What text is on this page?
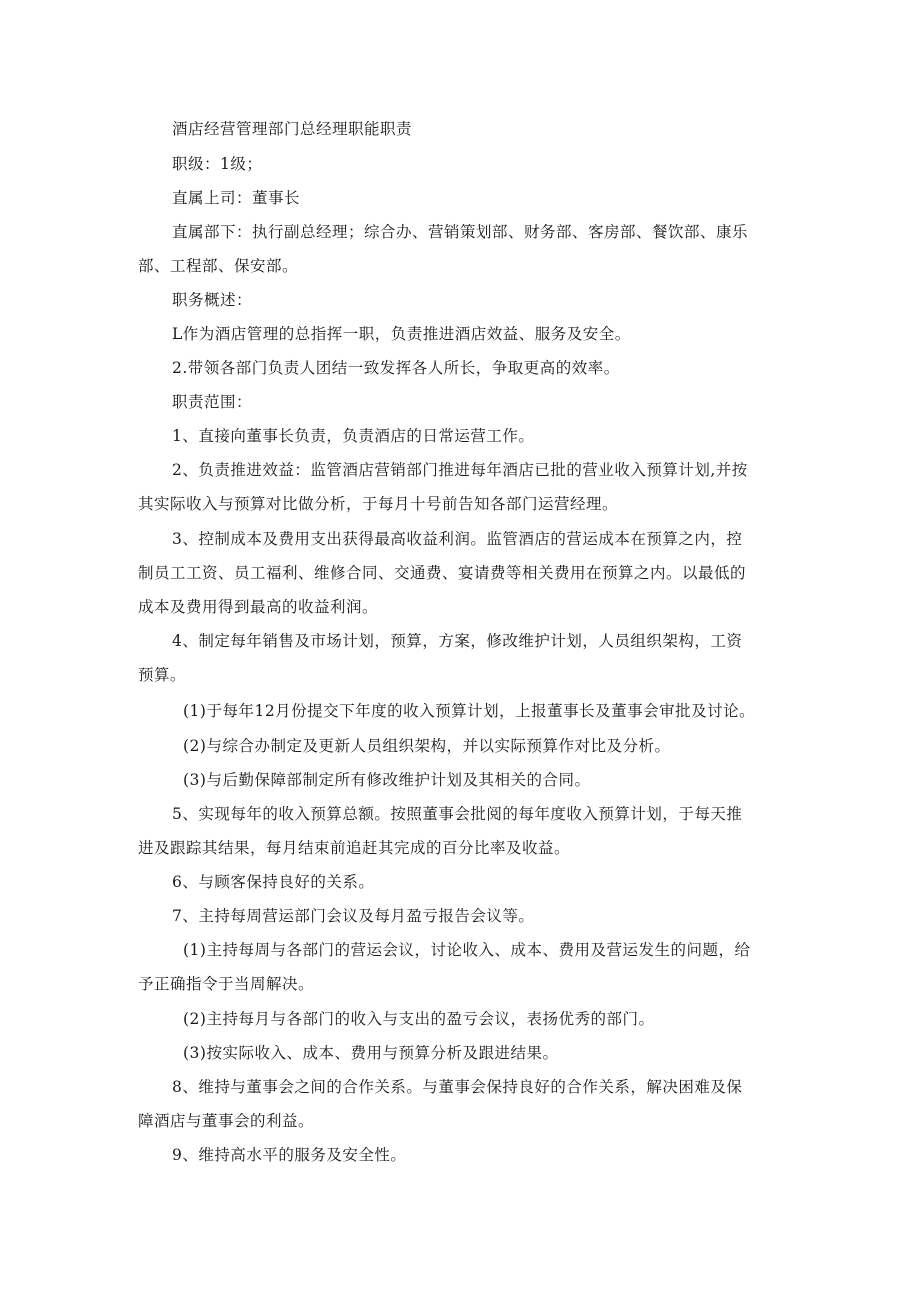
酒店经营管理部门总经理职能职责

职级：1级；

直属上司：董事长

直属部下：执行副总经理；综合办、营销策划部、财务部、客房部、餐饮部、康乐

部、工程部、保安部。

职务概述：

L作为酒店管理的总指挥一职，负责推进酒店效益、服务及安全。

2.带领各部门负责人团结一致发挥各人所长，争取更高的效率。

职责范围：

1、直接向董事长负责，负责酒店的日常运营工作。

2、负责推进效益：监管酒店营销部门推进每年酒店已批的营业收入预算计划,并按

其实际收入与预算对比做分析，于每月十号前告知各部门运营经理。

3、控制成本及费用支出获得最高收益利润。监管酒店的营运成本在预算之内，控

制员工工资、员工福利、维修合同、交通费、宴请费等相关费用在预算之内。以最低的

成本及费用得到最高的收益利润。

4、制定每年销售及市场计划，预算，方案，修改维护计划，人员组织架构，工资

预算。

(1)于每年12月份提交下年度的收入预算计划，上报董事长及董事会审批及讨论。

(2)与综合办制定及更新人员组织架构，并以实际预算作对比及分析。

(3)与后勤保障部制定所有修改维护计划及其相关的合同。

5、实现每年的收入预算总额。按照董事会批阅的每年度收入预算计划，于每天推

进及跟踪其结果，每月结束前追赶其完成的百分比率及收益。

6、与顾客保持良好的关系。

7、主持每周营运部门会议及每月盈亏报告会议等。

(1)主持每周与各部门的营运会议，讨论收入、成本、费用及营运发生的问题，给

予正确指令于当周解决。

(2)主持每月与各部门的收入与支出的盈亏会议，表扬优秀的部门。

(3)按实际收入、成本、费用与预算分析及跟进结果。

8、维持与董事会之间的合作关系。与董事会保持良好的合作关系，解决困难及保

障酒店与董事会的利益。

9、维持高水平的服务及安全性。
